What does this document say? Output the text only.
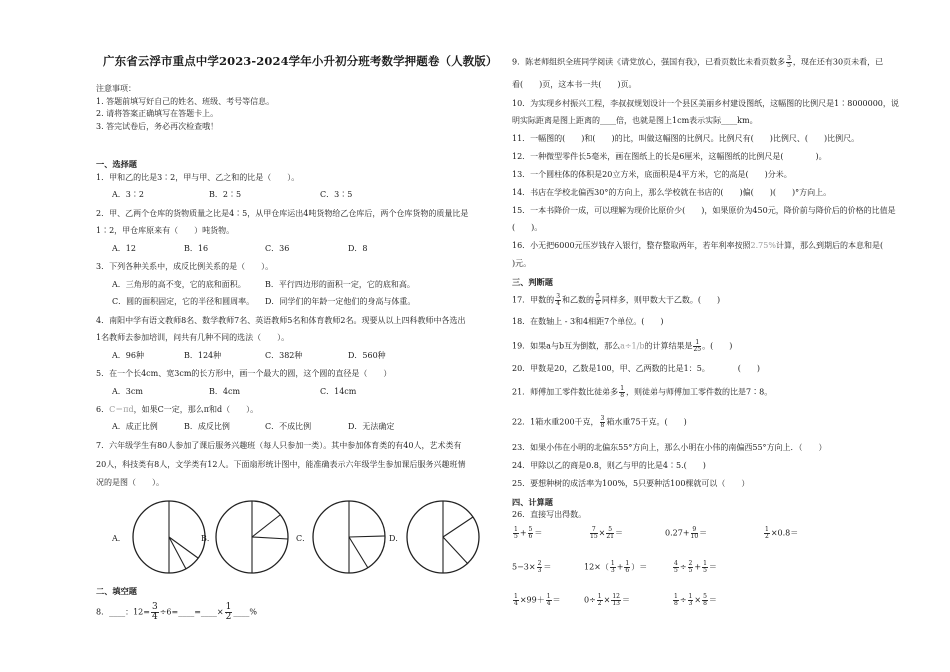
广东省云浮市重点中学2023-2024学年小升初分班考数学押题卷（人教版）
注意事项：
1. 答题前填写好自己的姓名、班级、考号等信息。
2. 请将答案正确填写在答题卡上。
3. 答完试卷后，务必再次检查哦！
一、选择题
1．甲和乙的比是3∶2，甲与甲、乙之和的比是（　　）。
A．3∶2	B．2∶5	C．3∶5
2．甲、乙两个仓库的货物质量之比是4∶5，从甲仓库运出4吨货物给乙仓库后，两个仓库货物的质量比是
1∶2，甲仓库原来有（　　）吨货物。
A．12	B．16	C．36	D．8
3．下列各种关系中，成反比例关系的是（　　）。
A．三角形的高不变，它的底和面积。 B．平行四边形的面积一定，它的底和高。
C．圆的面积固定，它的半径和圆周率。 D．同学们的年龄一定他们的身高与体重。
4．南阳中学有语文教师8名、数学教师7名、英语教师5名和体育教师2名。现要从以上四科教师中各选出
1名教师去参加培训，问共有几种不同的选法（　　）。
A．96种	B．124种	C．382种	D．560种
5．在一个长4cm、宽3cm的长方形中，画一个最大的圆，这个圆的直径是（　　）
A．3cm	B．4cm	C．14cm
6．C＝πd，如果C一定，那么π和d（　　）。
A．成正比例	B．成反比例	C．不成比例	D．无法确定
7．六年级学生有80人参加了课后服务兴趣班（每人只参加一类）。其中参加体育类的有40人，艺术类有
20人，科技类有8人，文学类有12人。下面扇形统计图中，能准确表示六年级学生参加课后服务兴趣班情
况的是图（　　）。
A．	B．	C．	D．
二、填空题
8．____：$12= \frac{3}{4}$ ÷6=____=____× $\frac{1}{2}$ ____%
9．陈老师组织全班同学阅读《请党放心，强国有我》，已看页数比未看页数多 $\frac{3}{5}$ ，现在还有30页未看，已
看(　　)页，这本书一共(　　)页。
10．为实现乡村振兴工程，李叔叔规划设计一个县区美丽乡村建设图纸，这幅图的比例尺是1∶8000000，说
明实际距离是图上距离的____倍，也就是图上1cm表示实际____km。
11．一幅图的(　　)和(　　)的比，叫做这幅图的比例尺。比例尺有(　　)比例尺、(　　)比例尺。
12．一种微型零件长5毫米，画在图纸上的长是6厘米，这幅图纸的比例尺是(　　　　)。
13．一个圆柱体的体积是20立方米，底面积是4平方米，它的高是(　　)分米。
14．书店在学校北偏西30°的方向上，那么学校就在书店的(　　)偏(　　)(　　)°方向上。
15．一本书降价一成，可以理解为现价比原价少(　　)，如果原价为450元，降价前与降价后的价格的比值是
(　　)。
16．小无把6000元压岁钱存入银行，整存整取两年，若年利率按照2.75%计算，那么到期后的本息和是(
)元。
三、判断题
17．甲数的 $\frac{3}{4}$ 和乙数的 $\frac{5}{6}$ 同样多，则甲数大于乙数。(　　)
18．在数轴上 - 3和4相距7个单位。(　　)
19．如果a与b互为倒数，那么a÷1/b的计算结果是 $\frac{1}{25}$ 。(　　)
20．甲数是20，乙数是100，甲、乙两数的比是1：5。　　　　(　　)
21．师傅加工零件数比徒弟多 $\frac{1}{8}$ ，则徒弟与师傅加工零件数的比是7∶8。
22．1箱水重200千克， $\frac{3}{8}$ 箱水重75千克。(　　)
23．如果小伟在小明的北偏东55°方向上，那么小明在小伟的南偏西55°方向上．（　　）
24．甲除以乙的商是0.8，则乙与甲的比是4∶5.(　　)
25．要想种树的成活率为100%，5只要种活100棵就可以（　　）
四、计算题
26．直接写出得数。
$\frac{1}{5} + \frac{5}{6}$ ＝	$\frac{7}{15} \times \frac{5}{21}$ ＝	$0.27+ \frac{9}{10}$ ＝	$\frac{1}{2} \times 0.8=$
$5-3\times \frac{2}{3}$ ＝	$12\times( \frac{1}{3} + \frac{1}{6}$ ）＝	$\frac{4}{5} \div \frac{2}{5} + \frac{1}{5}$ ＝
$\frac{1}{4} \times 99+ \frac{1}{4}$ ＝	$0\div \frac{1}{2} \times \frac{12}{13}$ ＝	$\frac{1}{8} \div \frac{1}{3} \times \frac{5}{8}$ ＝
